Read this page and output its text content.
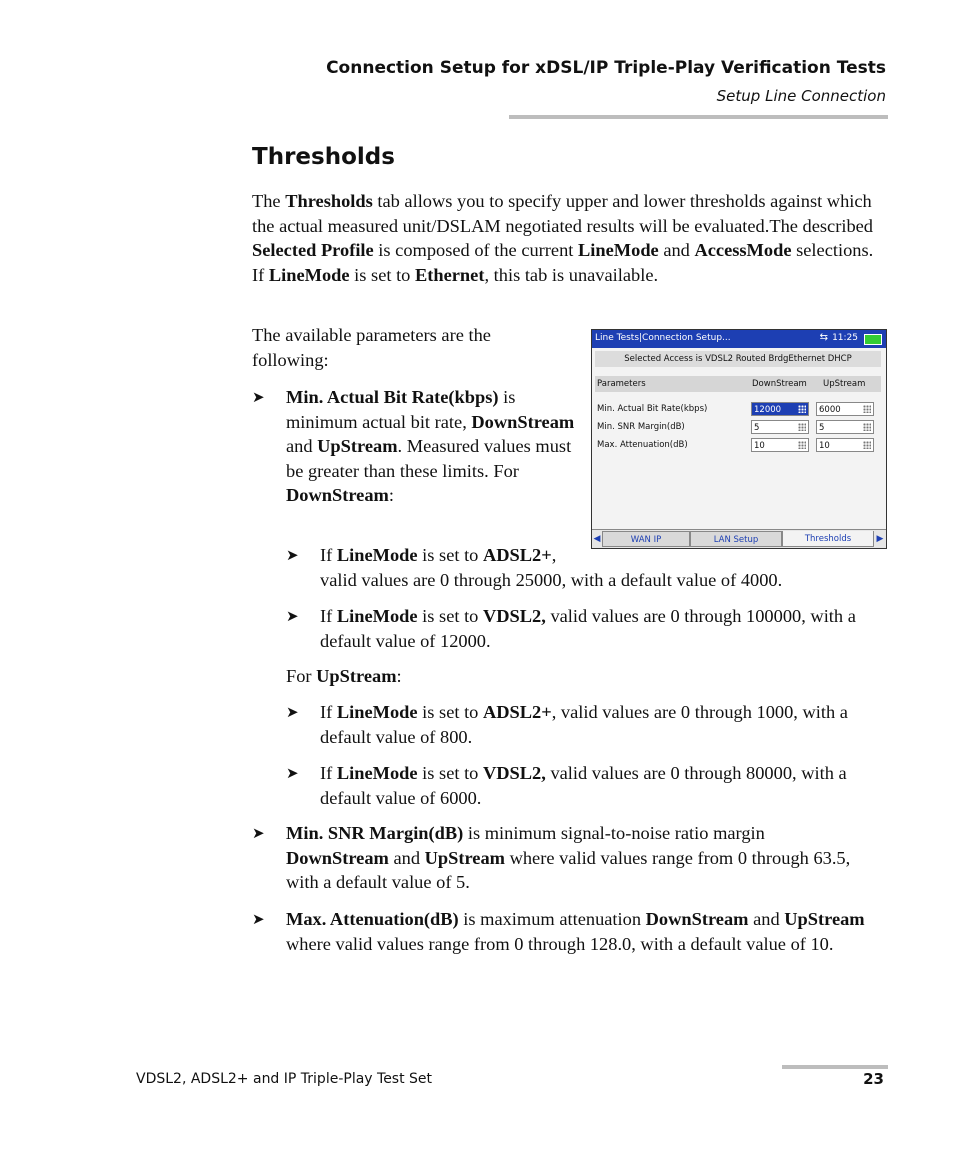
Connection Setup for xDSL/IP Triple-Play Verification Tests
Setup Line Connection
Thresholds
The Thresholds tab allows you to specify upper and lower thresholds against which the actual measured unit/DSLAM negotiated results will be evaluated.The described Selected Profile is composed of the current LineMode and AccessMode selections. If LineMode is set to Ethernet, this tab is unavailable.
The available parameters are the following:
➤
Min. Actual Bit Rate(kbps) is minimum actual bit rate, DownStream and UpStream. Measured values must be greater than these limits. For DownStream:
Line Tests|Connection Setup...	⇆ 11:25
Selected Access is VDSL2 Routed BrdgEthernet DHCP
Parameters	DownStream UpStream
Min. Actual Bit Rate(kbps)	12000	6000
Min. SNR Margin(dB)	5	5
Max. Attenuation(dB)	10	10
◀	WAN IP	LAN Setup	Thresholds	▶
➤
If LineMode is set to ADSL2+,
valid values are 0 through 25000, with a default value of 4000.
➤
If LineMode is set to VDSL2, valid values are 0 through 100000, with a default value of 12000.
For UpStream:
➤
If LineMode is set to ADSL2+, valid values are 0 through 1000, with a default value of 800.
➤
If LineMode is set to VDSL2, valid values are 0 through 80000, with a default value of 6000.
➤
Min. SNR Margin(dB) is minimum signal-to-noise ratio margin DownStream and UpStream where valid values range from 0 through 63.5, with a default value of 5.
➤
Max. Attenuation(dB) is maximum attenuation DownStream and UpStream where valid values range from 0 through 128.0, with a default value of 10.
VDSL2, ADSL2+ and IP Triple-Play Test Set	23
